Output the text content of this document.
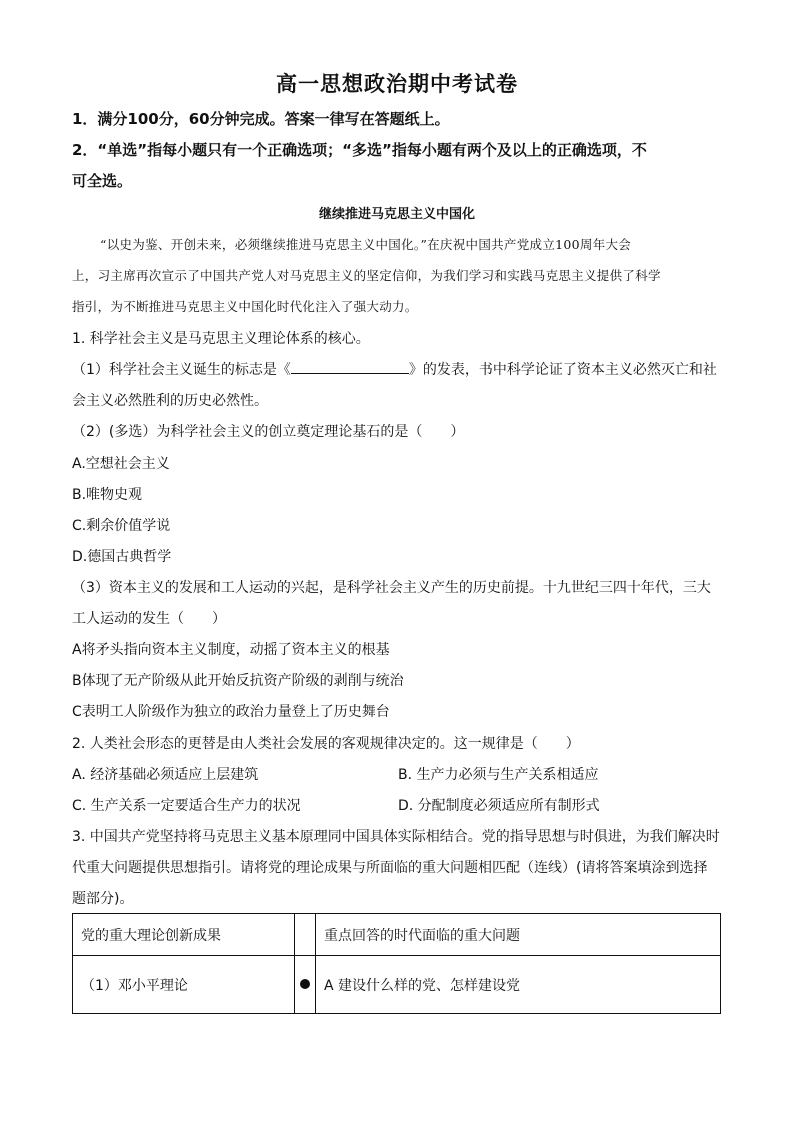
高一思想政治期中考试卷
1．满分100分，60分钟完成。答案一律写在答题纸上。
2．“单选”指每小题只有一个正确选项；“多选”指每小题有两个及以上的正确选项，不
可全选。
继续推进马克思主义中国化
“以史为鉴、开创未来，必须继续推进马克思主义中国化。”在庆祝中国共产党成立100周年大会
上，习主席再次宣示了中国共产党人对马克思主义的坚定信仰，为我们学习和实践马克思主义提供了科学
指引，为不断推进马克思主义中国化时代化注入了强大动力。
1. 科学社会主义是马克思主义理论体系的核心。
（1）科学社会主义诞生的标志是《	》的发表，书中科学论证了资本主义必然灭亡和社
会主义必然胜利的历史必然性。
（2）(多选）为科学社会主义的创立奠定理论基石的是（　　）
A.空想社会主义
B.唯物史观
C.剩余价值学说
D.德国古典哲学
（3）资本主义的发展和工人运动的兴起，是科学社会主义产生的历史前提。十九世纪三四十年代，三大
工人运动的发生（　　）
A将矛头指向资本主义制度，动摇了资本主义的根基
B体现了无产阶级从此开始反抗资产阶级的剥削与统治
C表明工人阶级作为独立的政治力量登上了历史舞台
2. 人类社会形态的更替是由人类社会发展的客观规律决定的。这一规律是（　　）
A. 经济基础必须适应上层建筑	B. 生产力必须与生产关系相适应
C. 生产关系一定要适合生产力的状况	D. 分配制度必须适应所有制形式
3. 中国共产党坚持将马克思主义基本原理同中国具体实际相结合。党的指导思想与时俱进，为我们解决时
代重大问题提供思想指引。请将党的理论成果与所面临的重大问题相匹配（连线）(请将答案填涂到选择
题部分)。
党的重大理论创新成果		重点回答的时代面临的重大问题
（1）邓小平理论		A 建设什么样的党、怎样建设党
